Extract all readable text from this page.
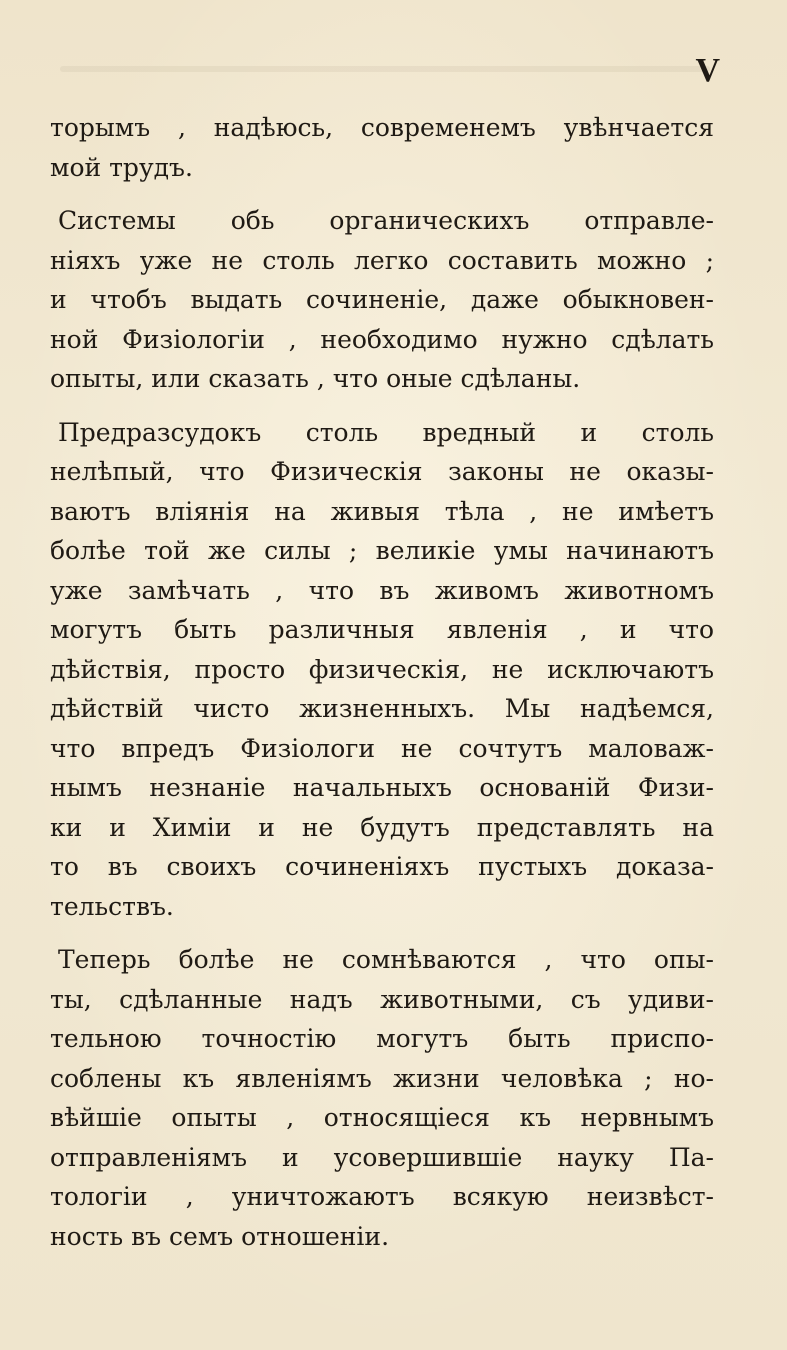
V
торымъ , надѣюсь, современемъ увѣнчается
мой трудъ.
Системы обь органическихъ отправле-
нiяхъ уже не столь легко составить можно ;
и чтобъ выдать сочиненiе, даже обыкновен-
ной Физiологiи , необходимо нужно сдѣлать
опыты, или сказать , что оные сдѣланы.
Предразсудокъ столь вредный и столь
нелѣпый, что Физическiя законы не оказы-
ваютъ влiянiя на живыя тѣла , не имѣетъ
болѣе той же силы ; великiе умы начинаютъ
уже замѣчать , что въ живомъ животномъ
могутъ быть различныя явленiя , и что
дѣйствiя, просто физическiя, не исключаютъ
дѣйствiй чисто жизненныхъ. Мы надѣемся,
что впредъ Физiологи не сочтутъ маловаж-
нымъ незнанiе начальныхъ основанiй Физи-
ки и Химiи и не будутъ представлять на
то въ своихъ сочиненiяхъ пустыхъ доказа-
тельствъ.
Теперь болѣе не сомнѣваются , что опы-
ты, сдѣланные надъ животными, съ удиви-
тельною точностiю могутъ быть приспо-
соблены къ явленiямъ жизни человѣка ; но-
вѣйшiе опыты , относящiеся къ нервнымъ
отправленiямъ и усовершившiе науку Па-
тологiи , уничтожаютъ всякую неизвѣст-
ность въ семъ отношенiи.
